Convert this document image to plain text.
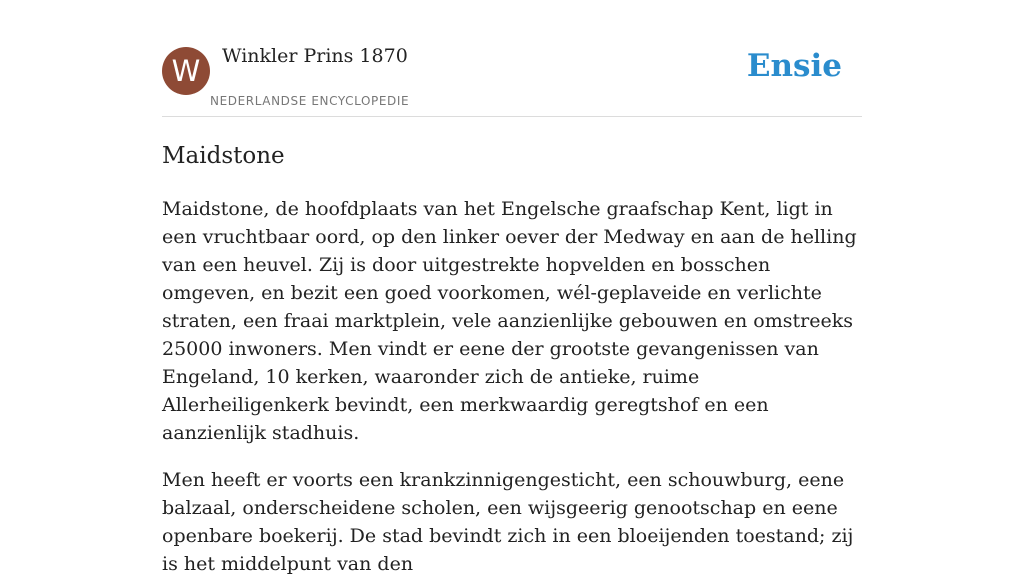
W	Winkler Prins 1870
NEDERLANDSE ENCYCLOPEDIE
Ensie
Maidstone

Maidstone, de hoofdplaats van het Engelsche graafschap Kent, ligt in een vruchtbaar oord, op den linker oever der Medway en aan de helling van een heuvel. Zij is door uitgestrekte hopvelden en bosschen omgeven, en bezit een goed voorkomen, wél-geplaveide en verlichte straten, een fraai marktplein, vele aanzienlijke gebouwen en omstreeks 25000 inwoners. Men vindt er eene der grootste gevangenissen van Engeland, 10 kerken, waaronder zich de antieke, ruime Allerheiligenkerk bevindt, een merkwaardig geregtshof en een aanzienlijk stadhuis.

Men heeft er voorts een krankzinnigengesticht, een schouwburg, eene balzaal, onderscheidene scholen, een wijsgeerig genootschap en eene openbare boekerij. De stad bevindt zich in een bloeijenden toestand; zij is het middelpunt van den
